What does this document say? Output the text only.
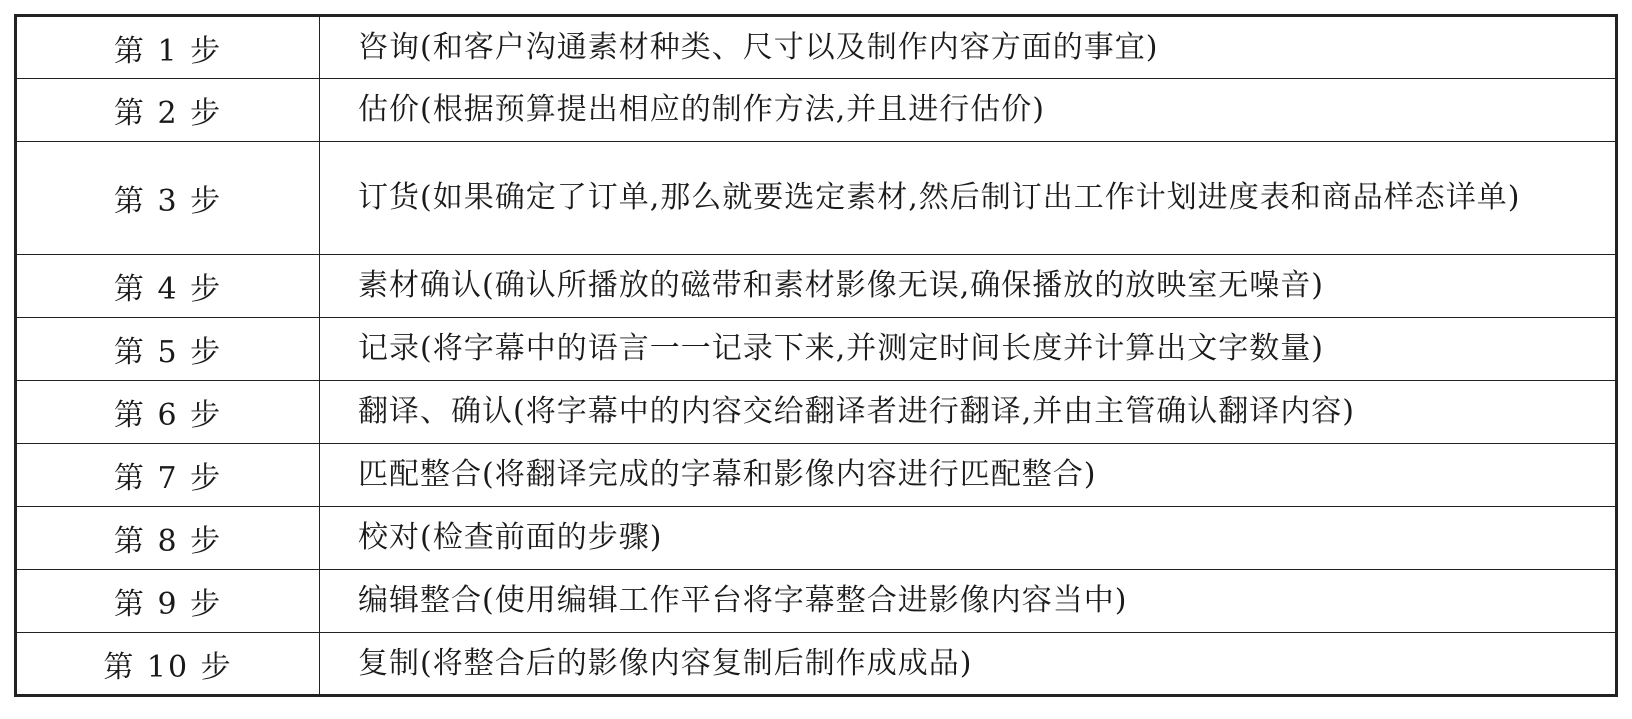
第 1 步	咨询(和客户沟通素材种类、尺寸以及制作内容方面的事宜)
第 2 步	估价(根据预算提出相应的制作方法,并且进行估价)
第 3 步	订货(如果确定了订单,那么就要选定素材,然后制订出工作计划进度表和商品样态详单)
第 4 步	素材确认(确认所播放的磁带和素材影像无误,确保播放的放映室无噪音)
第 5 步	记录(将字幕中的语言一一记录下来,并测定时间长度并计算出文字数量)
第 6 步	翻译、确认(将字幕中的内容交给翻译者进行翻译,并由主管确认翻译内容)
第 7 步	匹配整合(将翻译完成的字幕和影像内容进行匹配整合)
第 8 步	校对(检查前面的步骤)
第 9 步	编辑整合(使用编辑工作平台将字幕整合进影像内容当中)
第 10 步	复制(将整合后的影像内容复制后制作成成品)
